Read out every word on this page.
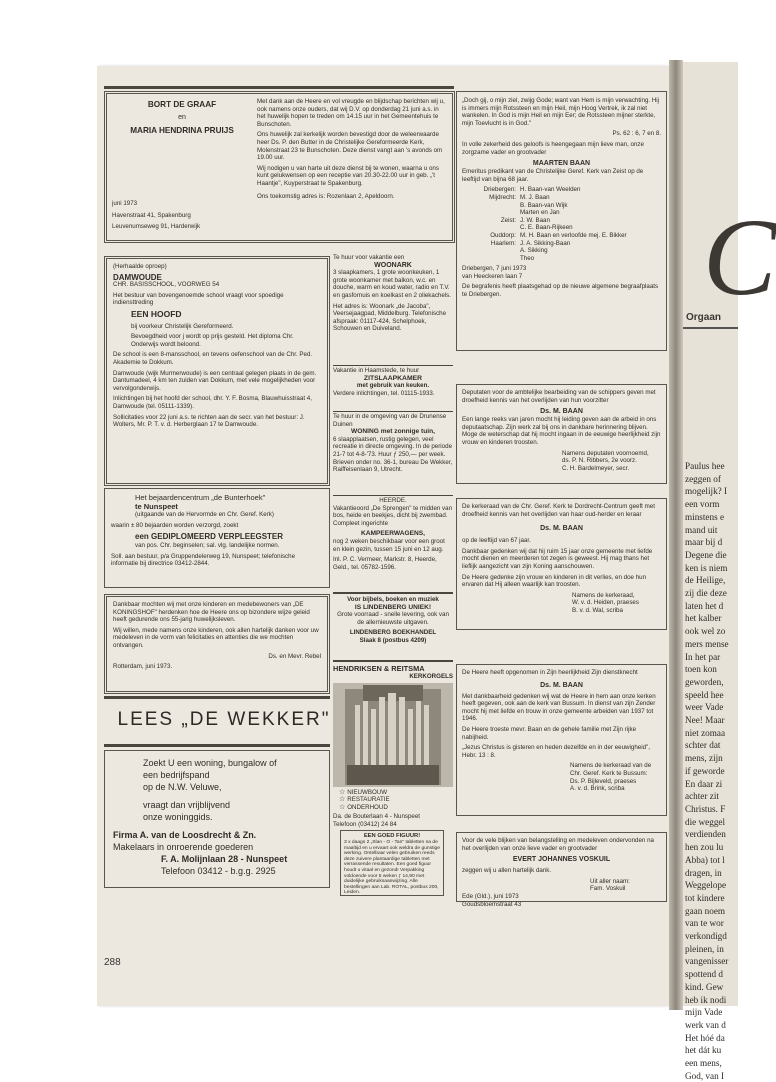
C
Orgaan
Paulus hee
zeggen of
mogelijk? I
een vorm
minstens e
mand uit
maar bij d
Degene die
ken is niem
de Heilige,
zij die deze
laten het d
het kalber
ook wel zo
mers mense
In het par
toen kon
geworden,
speeld hee
weer Vade
Nee! Maar
niet zomaa
schter dat
mens, zijn
if geworde
En daar zi
achter zit
Christus. F
die weggel
verdienden
hen zou lu
Abba) tot l
dragen, in
Weggelope
tot kindere
gaan noem
van te wor
verkondigd
pleinen, in
vangenisser
spottend d
kind. Gew
heb ik nodi
mijn Vade
werk van d
Het hóé da
het dát ku
een mens,
God, van I
BORT DE GRAAF
en
MARIA HENDRINA PRUIJS

Met dank aan de Heere en vol vreugde en blijdschap berichten wij u, ook namens onze ouders, dat wij D.V. op donderdag 21 juni a.s. in het huwelijk hopen te treden om 14.15 uur in het Gemeentehuis te Bunschoten.

Ons huwelijk zal kerkelijk worden bevestigd door de weleerwaarde heer Ds. P. den Butter in de Christelijke Gereformeerde Kerk, Molenstraat 23 te Bunschoten. Deze dienst vangt aan 's avonds om 19.00 uur.

Wij nodigen u van harte uit deze dienst bij te wonen, waarna u ons kunt gelukwensen op een receptie van 20.30-22.00 uur in geb. „'t Haantje", Kuyperstraat te Spakenburg.

Ons toekomstig adres is: Rozenlaan 2, Apeldoorn.

juni 1973
Havenstraat 41, Spakenburg
Leuvenumseweg 91, Harderwijk

(Herhaalde oproep)

DAMWOUDE

CHR. BASISSCHOOL, VOORWEG 54

Het bestuur van bovengenoemde school vraagt voor spoedige indiensttreding

EEN HOOFD

bij voorkeur Christelijk Gereformeerd.

Bevoegdheid voor j wordt op prijs gesteld. Het diploma Chr. Onderwijs wordt beloond.

De school is een 8-mansschool, en tevens oefenschool van de Chr. Ped. Akademie te Dokkum.

Damwoude (wijk Murmerwoude) is een centraal gelegen plaats in de gem. Dantumadeel, 4 km ten zuiden van Dokkum, met vele mogelijkheden voor vervolgonderwijs.

Inlichtingen bij het hoofd der school, dhr. Y. F. Bosma, Blauwhuisstraat 4, Damwoude (tel. 05111-1339).

Sollicitaties voor 22 juni a.s. te richten aan de secr. van het bestuur: J. Wolters, Mr. P. T. v. d. Herberglaan 17 te Damwoude.

Het bejaardencentrum „de Bunterhoek"
te Nunspeet

(uitgaande van de Hervormde en Chr. Geref. Kerk)

waarin ± 80 bejaarden worden verzorgd, zoekt

een GEDIPLOMEERD VERPLEEGSTER

van pos. Chr. beginselen; sal. vlg. landelijke normen.

Soll. aan bestuur, p/a Gruppendelerweg 19, Nunspeet; telefonische informatie bij directrice 03412-2844.

Dankbaar mochten wij met onze kinderen en medebewoners van „DE KONINGSHOF" herdenken hoe de Heere ons op bizondere wijze geleid heeft gedurende ons 55-jarig huwelijksleven.

Wij willen, mede namens onze kinderen, ook allen hartelijk danken voor uw medeleven in de vorm van felicitaties en attenties die we mochten ontvangen.

Ds. en Mevr. Rebel

Rotterdam, juni 1973.

LEES „DE WEKKER"
Zoekt U een woning, bungalow of
een bedrijfspand
op de N.W. Veluwe,
vraagt dan vrijblijvend
onze woninggids.
Firma A. van de Loosdrecht & Zn.
Makelaars in onroerende goederen
F. A. Molijnlaan 28 - Nunspeet
Telefoon 03412 - b.g.g. 2925
288
Te huur voor vakantie een
WOONARK

3 slaapkamers, 1 grote woonkeuken, 1 grote woonkamer met balkon, w.c. en douche, warm en koud water, radio en T.V. en gasfornuis en koelkast en 2 oliekachels.

Het adres is: Woonark „de Jacoba", Veersejaagpad, Middelburg. Telefonische afspraak: 01117-424, Schelphoek, Schouwen en Duiveland.

Vakantie in Haamstede, te huur
ZITSLAAPKAMER
met gebruik van keuken.
Verdere inlichtingen, tel. 01115-1933.
Te huur in de omgeving van de Drunense Duinen
WONING met zonnige tuin,

6 slaapplaatsen, rustig gelegen, veel recreatie in directe omgeving. In de periode 21-7 tot 4-8-'73. Huur ƒ 250,— per week. Brieven onder no. 36-1, bureau De Wekker, Raiffeisenlaan 9, Utrecht.

HEERDE.

Vakantieoord „De Sprengen" te midden van bos, heide en beekjes, dicht bij zwembad. Compleet ingerichte

KAMPEERWAGENS,

nog 2 weken beschikbaar voor een groot en klein gezin, tussen 15 juni en 12 aug.

Inl. P. C. Vermeer, Markstr. 8, Heerde, Geld., tel. 05782-1596.

Voor bijbels, boeken en muziek
IS LINDENBERG UNIEK!

Grote voorraad - snelle levering, ook van de allernieuwste uitgaven.

LINDENBERG BOEKHANDEL
Slaak 8 (postbus 4209)
HENDRIKSEN & REITSMA
KERKORGELS
☆ NIEUWBOUW
☆ RESTAURATIE
☆ ONDERHOUD
Da. de Bouterlaan 4 - Nunspeet
Telefoon (03412) 24 84
EEN GOED FIGUUR!
3 x daags 2 „Slan - O - Tan" tabletten na de maaltijd en u ervaart ook weldra de gunstige werking. Ontelbaar velen gebruiken reeds deze zuivere plantaardige tabletten met verrassende resultaten. Een goed figuur houdt u vitaal en gezond! Verpakking voldoende voor 5 weken ƒ 14,90 met duidelijke gebruiksaanwijzing. Alle bestellingen aan Lab. ROTAL, postbus 200, Leiden.

„Doch gij, o mijn ziel, zwijg Gode; want van Hem is mijn verwachting. Hij is immers mijn Rotssteen en mijn Heil, mijn Hoog Vertrek, ik zal niet wankelen. In God is mijn Heil en mijn Eer; de Rotssteen mijner sterkte, mijn Toevlucht is in God."

Ps. 62 : 6, 7 en 8.

In volle zekerheid des geloofs is heengegaan mijn lieve man, onze zorgzame vader en grootvader

MAARTEN BAAN

Emeritus predikant van de Christelijke Geref. Kerk van Zeist op de leeftijd van bijna 68 jaar.

Driebergen: H. Baan-van Weelden
Mijdrecht: M. J. Baan
B. Baan-van Wijk
Marten en Jan
Zeist: J. W. Baan
C. E. Baan-Rijkeen
Ouddorp: M. H. Baan en verloofde mej. E. Bikker
Haarlem: J. A. Sikking-Baan
A. Sikking
Theo

Driebergen, 7 juni 1973

van Heeckeren laan 7

De begrafenis heeft plaatsgehad op de nieuwe algemene begraafplaats te Driebergen.

Deputaten voor de ambtelijke bearbeiding van de schippers geven met droefheid kennis van het overlijden van hun voorzitter

Ds. M. BAAN

Een lange reeks van jaren mocht hij leiding geven aan de arbeid in ons deputaatschap. Zijn werk zal bij ons in dankbare herinnering blijven.

Moge de weterschap dat hij mocht ingaan in de eeuwige heerlijkheid zijn vrouw en kinderen troosten.

Namens deputaten voornoemd,
ds. P. N. Ribbers, 2e voorz.
C. H. Bardelmeyer, secr.

De kerkeraad van de Chr. Geref. Kerk te Dordrecht-Centrum geeft met droefheid kennis van het overlijden van haar oud-herder en leraar

Ds. M. BAAN

op de leeftijd van 67 jaar.

Dankbaar gedenken wij dat hij ruim 15 jaar onze gemeente met liefde mocht dienen en meerderen tot zegen is geweest. Hij mag thans het lieflijk aangezicht van zijn Koning aanschouwen.

De Heere gedenke zijn vrouw en kinderen in dit verlies, en doe hun ervaren dat Hij alleen waarlijk kan troosten.

Namens de kerkeraad,
W. v. d. Heiden, praeses
B. v. d. Wal, scriba

De Heere heeft opgenomen in Zijn heerlijkheid Zijn dienstknecht

Ds. M. BAAN

Met dankbaarheid gedenken wij wat de Heere in hem aan onze kerken heeft gegeven, ook aan de kerk van Bussum. In dienst van zijn Zender mocht hij met liefde en trouw in onze gemeente arbeiden van 1937 tot 1946.

De Heere troeste mevr. Baan en de gehele familie met Zijn rijke nabijheid.

„Jezus Christus is gisteren en heden dezelfde en in der eeuwigheid", Hebr. 13 : 8.

Namens de kerkeraad van de
Chr. Geref. Kerk te Bussum:
Ds. P. Bijleveld, praeses
A. v. d. Brink, scriba

Voor de vele blijken van belangstelling en medeleven ondervonden na het overlijden van onze lieve vader en grootvader

EVERT JOHANNES VOSKUIL

zeggen wij u allen hartelijk dank.

Uit aller naam:
Fam. Voskuil
Ede (Gld.), juni 1973
Goudsbloemstraat 43
